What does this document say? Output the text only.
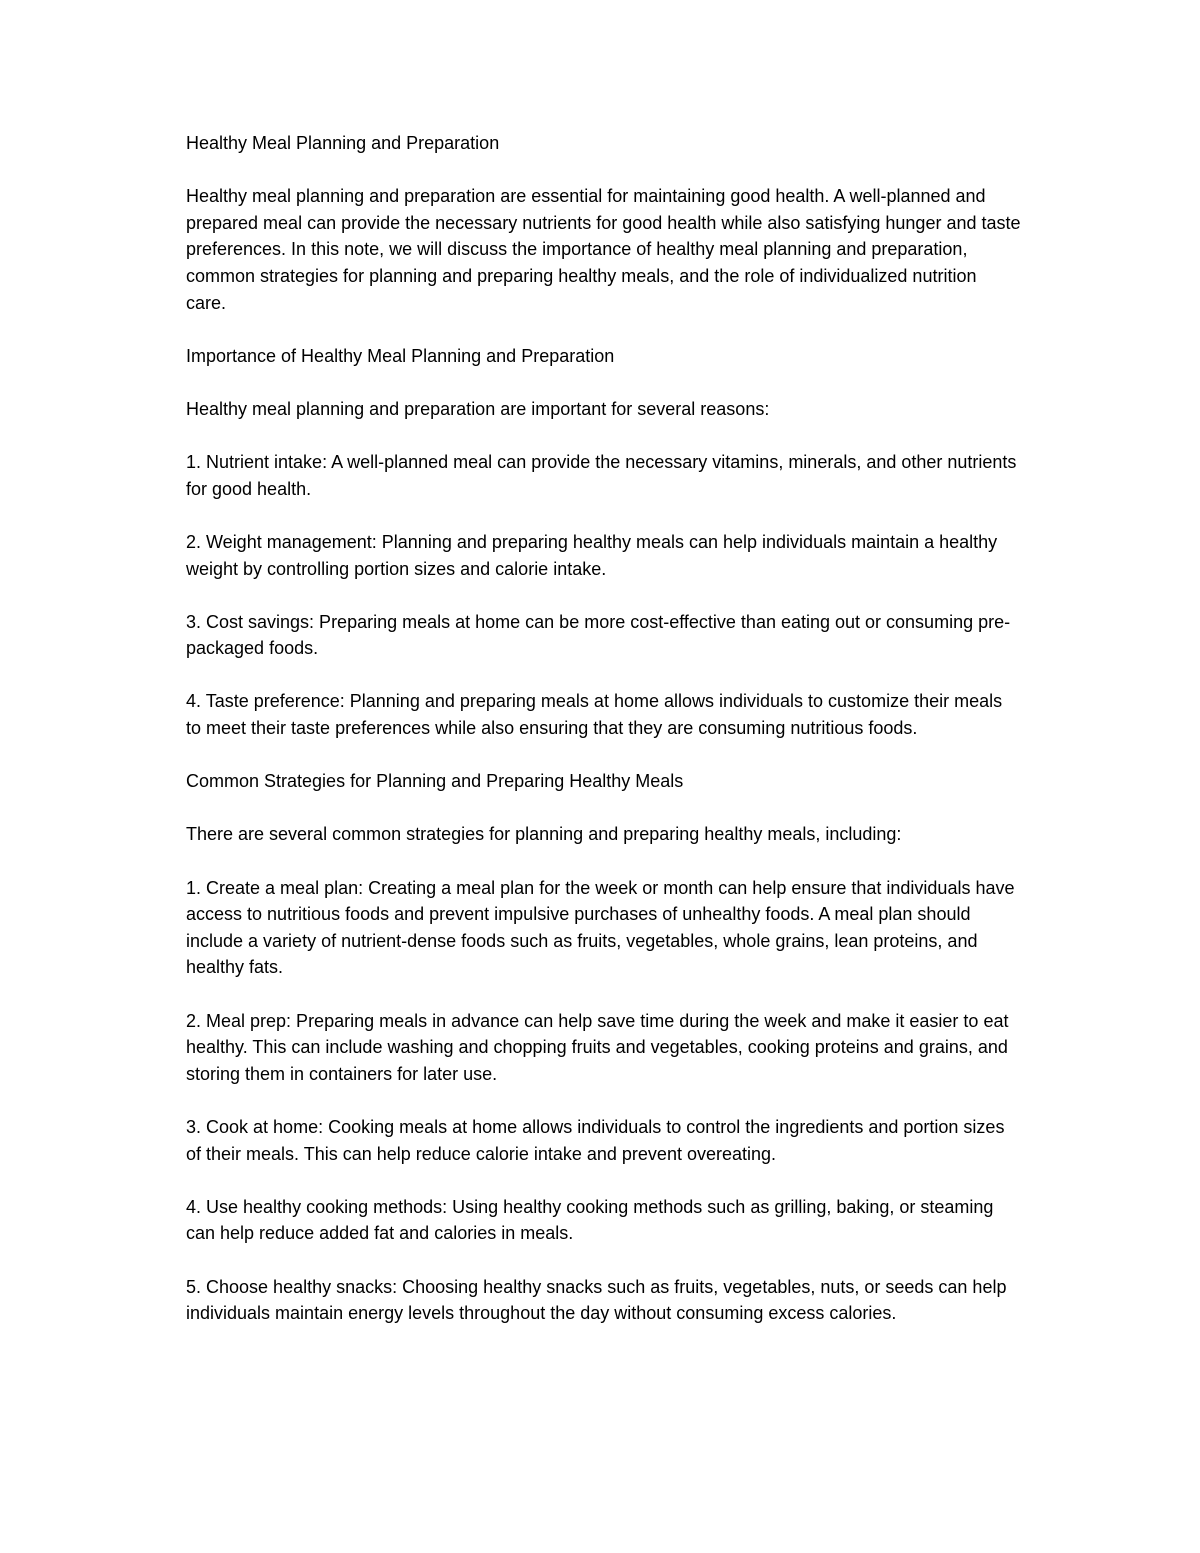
Healthy Meal Planning and Preparation

Healthy meal planning and preparation are essential for maintaining good health. A well-planned and prepared meal can provide the necessary nutrients for good health while also satisfying hunger and taste preferences. In this note, we will discuss the importance of healthy meal planning and preparation, common strategies for planning and preparing healthy meals, and the role of individualized nutrition care.

Importance of Healthy Meal Planning and Preparation

Healthy meal planning and preparation are important for several reasons:

1. Nutrient intake: A well-planned meal can provide the necessary vitamins, minerals, and other nutrients for good health.

2. Weight management: Planning and preparing healthy meals can help individuals maintain a healthy weight by controlling portion sizes and calorie intake.

3. Cost savings: Preparing meals at home can be more cost-effective than eating out or consuming pre-packaged foods.

4. Taste preference: Planning and preparing meals at home allows individuals to customize their meals to meet their taste preferences while also ensuring that they are consuming nutritious foods.

Common Strategies for Planning and Preparing Healthy Meals

There are several common strategies for planning and preparing healthy meals, including:

1. Create a meal plan: Creating a meal plan for the week or month can help ensure that individuals have access to nutritious foods and prevent impulsive purchases of unhealthy foods. A meal plan should include a variety of nutrient-dense foods such as fruits, vegetables, whole grains, lean proteins, and healthy fats.

2. Meal prep: Preparing meals in advance can help save time during the week and make it easier to eat healthy. This can include washing and chopping fruits and vegetables, cooking proteins and grains, and storing them in containers for later use.

3. Cook at home: Cooking meals at home allows individuals to control the ingredients and portion sizes of their meals. This can help reduce calorie intake and prevent overeating.

4. Use healthy cooking methods: Using healthy cooking methods such as grilling, baking, or steaming can help reduce added fat and calories in meals.

5. Choose healthy snacks: Choosing healthy snacks such as fruits, vegetables, nuts, or seeds can help individuals maintain energy levels throughout the day without consuming excess calories.
